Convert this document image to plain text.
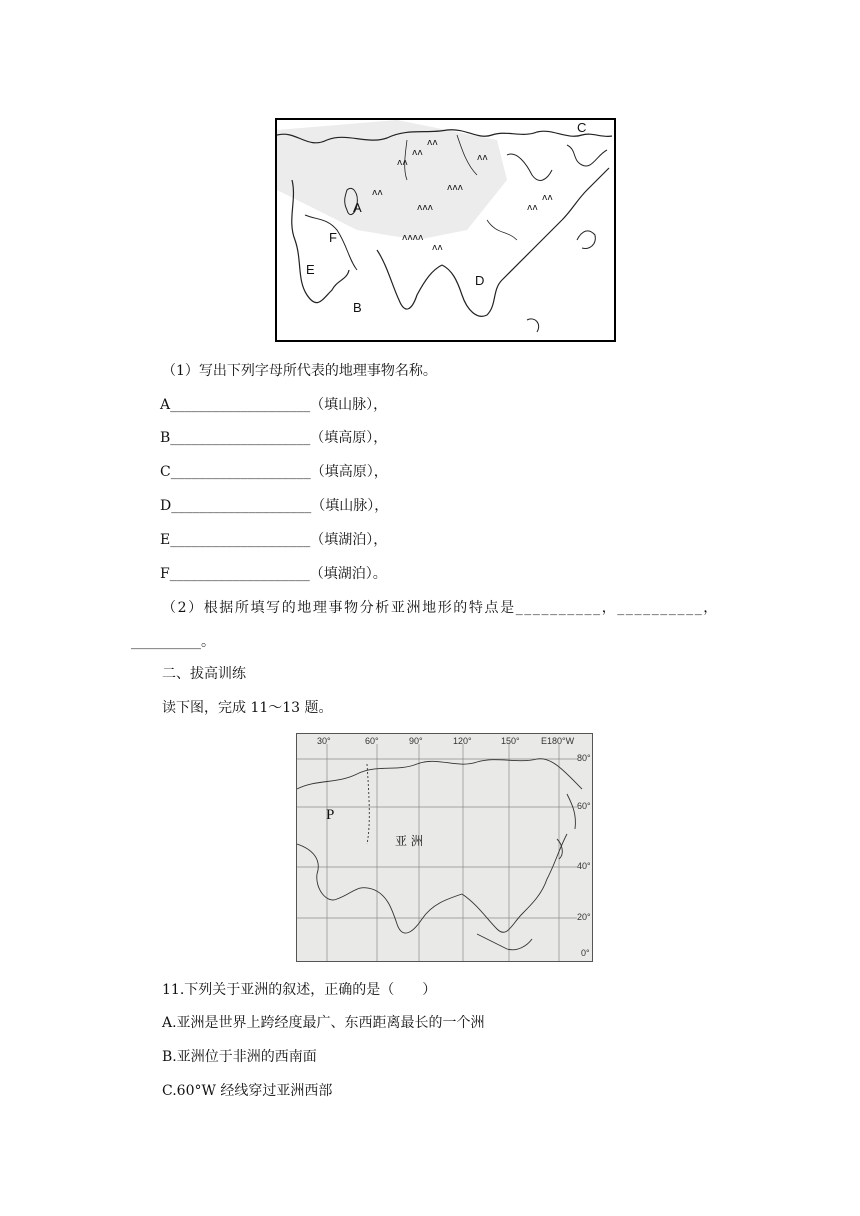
ᴧᴧ
ᴧᴧ
ᴧᴧ
ᴧᴧᴧ
ᴧᴧᴧ
ᴧᴧᴧᴧ
ᴧᴧ
ᴧᴧ
ᴧᴧ
ᴧᴧ
ᴧᴧ
A
B
C
D
E
F
（1）写出下列字母所代表的地理事物名称。
A____________________（填山脉），
B____________________（填高原），
C____________________（填高原），
D____________________（填山脉），
E____________________（填湖泊），
F____________________（填湖泊）。
（2）根据所填写的地理事物分析亚洲地形的特点是__________，__________，
__________。
二、拔高训练
读下图，完成 11～13 题。
30°	60°	90°	120°	150° E180°W
80°
60°
40°
20°
0°
P
亚 洲
11.下列关于亚洲的叙述，正确的是（　　）
A.亚洲是世界上跨经度最广、东西距离最长的一个洲
B.亚洲位于非洲的西南面
C.60°W 经线穿过亚洲西部
